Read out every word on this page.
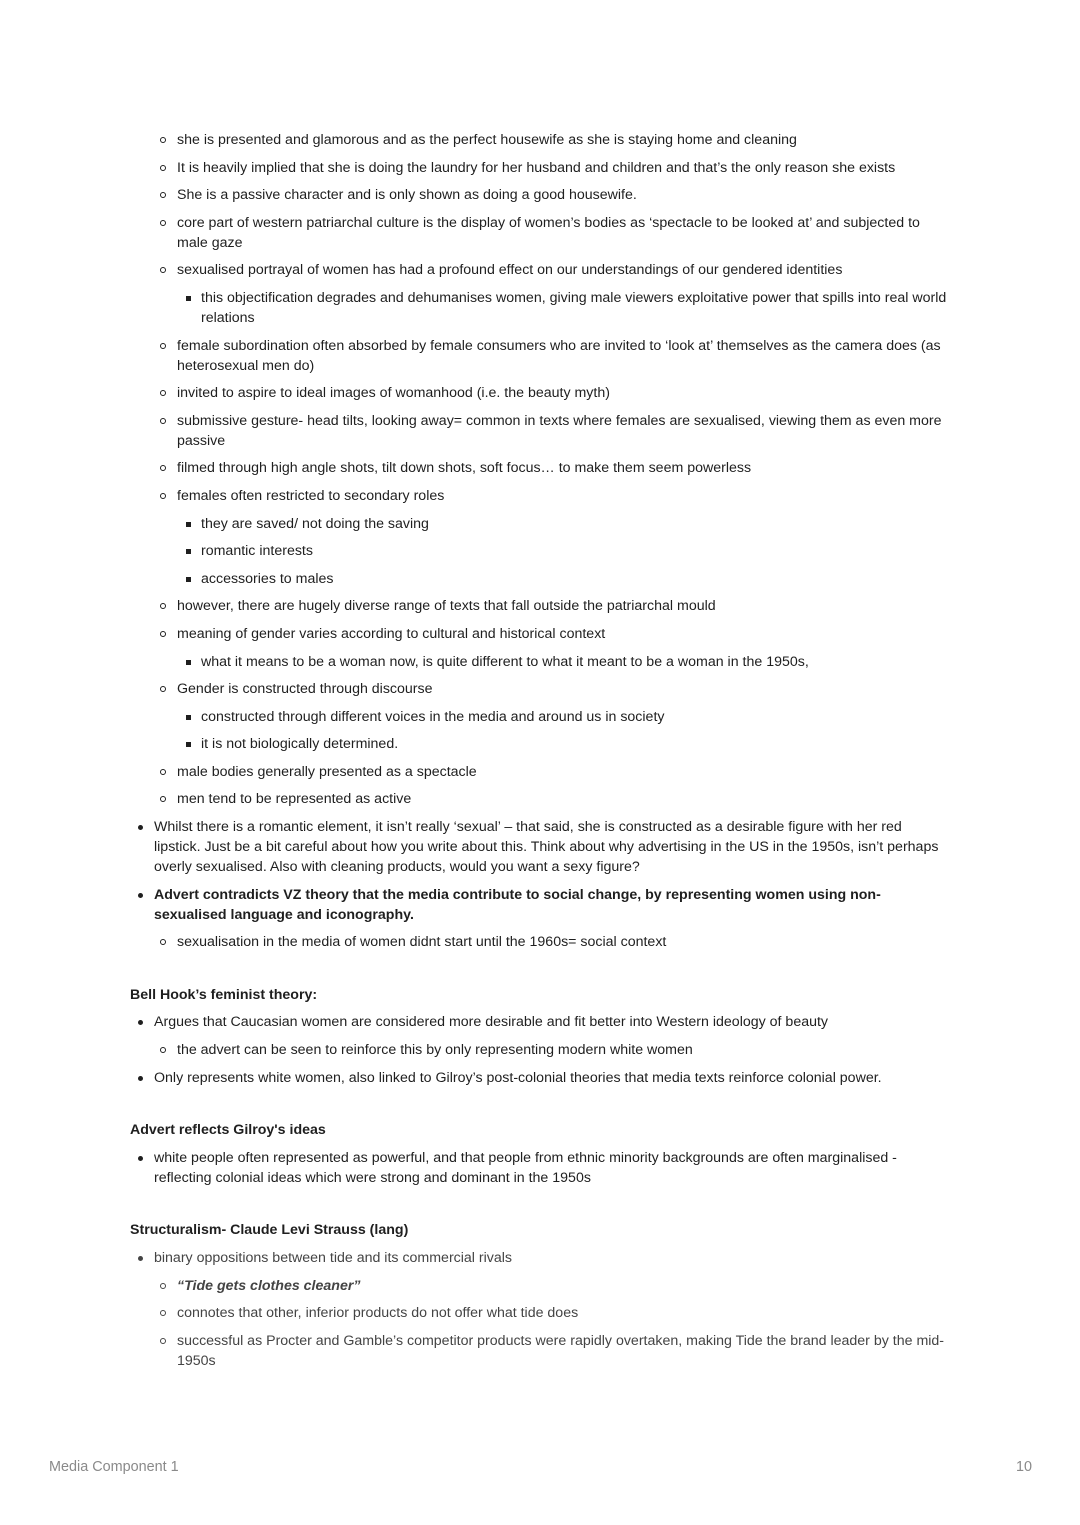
she is presented and glamorous and as the perfect housewife as she is staying home and cleaning
It is heavily implied that she is doing the laundry for her husband and children and that’s the only reason she exists
She is a passive character and is only shown as doing a good housewife.
core part of western patriarchal culture is the display of women’s bodies as ‘spectacle to be looked at’ and subjected to male gaze
sexualised portrayal of women has had a profound effect on our understandings of our gendered identities
this objectification degrades and dehumanises women, giving male viewers exploitative power that spills into real world relations
female subordination often absorbed by female consumers who are invited to ‘look at’ themselves as the camera does (as heterosexual men do)
invited to aspire to ideal images of womanhood (i.e. the beauty myth)
submissive gesture- head tilts, looking away= common in texts where females are sexualised, viewing them as even more passive
filmed through high angle shots, tilt down shots, soft focus… to make them seem powerless
females often restricted to secondary roles
they are saved/ not doing the saving
romantic interests
accessories to males
however, there are hugely diverse range of texts that fall outside the patriarchal mould
meaning of gender varies according to cultural and historical context
what it means to be a woman now, is quite different to what it meant to be a woman in the 1950s,
Gender is constructed through discourse
constructed through different voices in the media and around us in society
it is not biologically determined.
male bodies generally presented as a spectacle
men tend to be represented as active
Whilst there is a romantic element, it isn’t really ‘sexual’ – that said, she is constructed as a desirable figure with her red lipstick. Just be a bit careful about how you write about this. Think about why advertising in the US in the 1950s, isn’t perhaps overly sexualised. Also with cleaning products, would you want a sexy figure?
Advert contradicts VZ theory that the media contribute to social change, by representing women using non-sexualised language and iconography.
sexualisation in the media of women didnt start until the 1960s= social context
Bell Hook’s feminist theory:
Argues that Caucasian women are considered more desirable and fit better into Western ideology of beauty
the advert can be seen to reinforce this by only representing modern white women
Only represents white women, also linked to Gilroy’s post-colonial theories that media texts reinforce colonial power.
Advert reflects Gilroy's ideas
white people often represented as powerful, and that people from ethnic minority backgrounds are often marginalised - reflecting colonial ideas which were strong and dominant in the 1950s
Structuralism- Claude Levi Strauss (lang)
binary oppositions between tide and its commercial rivals
“Tide gets clothes cleaner”
connotes that other, inferior products do not offer what tide does
successful as Procter and Gamble’s competitor products were rapidly overtaken, making Tide the brand leader by the mid-1950s
Media Component 1	10
